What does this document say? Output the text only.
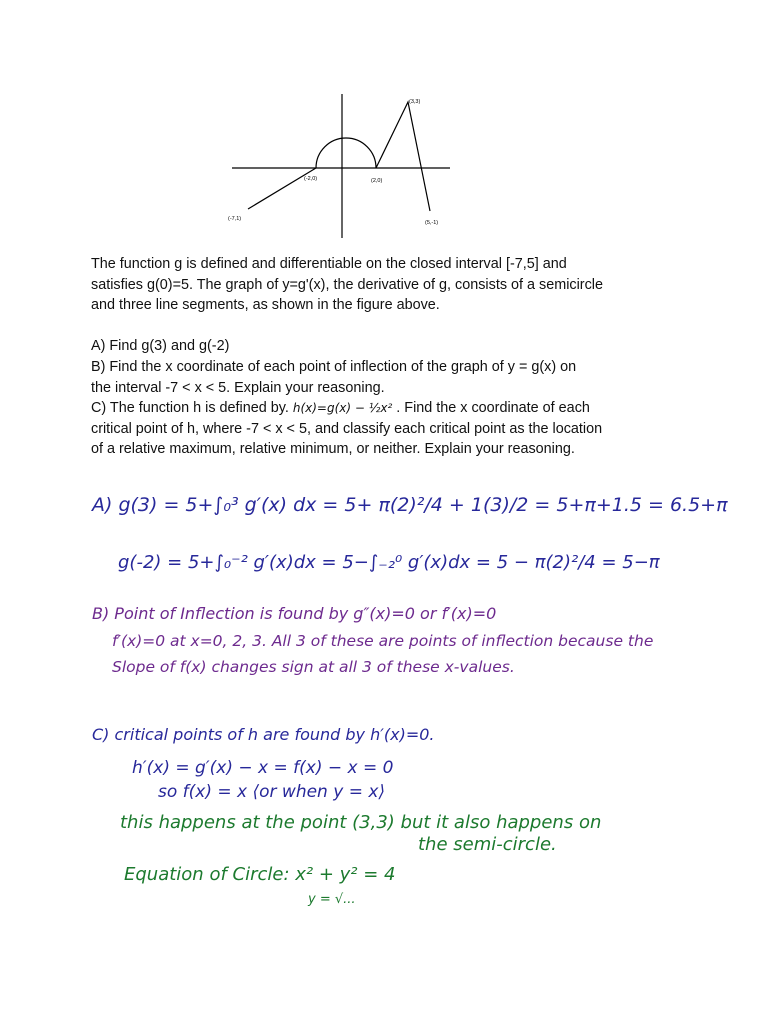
(3,3)
(-2,0)	(2,0)
(-7,1)
(5,-1)

The function g is defined and differentiable on the closed interval [-7,5] and

satisfies g(0)=5. The graph of y=g'(x), the derivative of g, consists of a semicircle

and three line segments, as shown in the figure above.

A) Find g(3) and g(-2)

B) Find the x coordinate of each point of inflection of the graph of y = g(x) on

the interval -7 < x < 5. Explain your reasoning.

C) The function h is defined by. h(x)=g(x) − ½x² . Find the x coordinate of each

critical point of h, where -7 < x < 5, and classify each critical point as the location

of a relative maximum, relative minimum, or neither. Explain your reasoning.

A) g(3) = 5+∫₀³ g′(x) dx = 5+ π(2)²/4 + 1(3)/2 = 5+π+1.5 = 6.5+π
g(-2) = 5+∫₀⁻² g′(x)dx = 5−∫₋₂⁰ g′(x)dx = 5 − π(2)²/4 = 5−π
B) Point of Inflection is found by g″(x)=0 or f′(x)=0
f′(x)=0 at x=0, 2, 3. All 3 of these are points of inflection because the
Slope of f(x) changes sign at all 3 of these x-values.
C) critical points of h are found by h′(x)=0.
h′(x) = g′(x) − x = f(x) − x = 0
so f(x) = x ⟨or when y = x⟩
this happens at the point (3,3) but it also happens on
the semi-circle.
Equation of Circle: x² + y² = 4
y = √...
